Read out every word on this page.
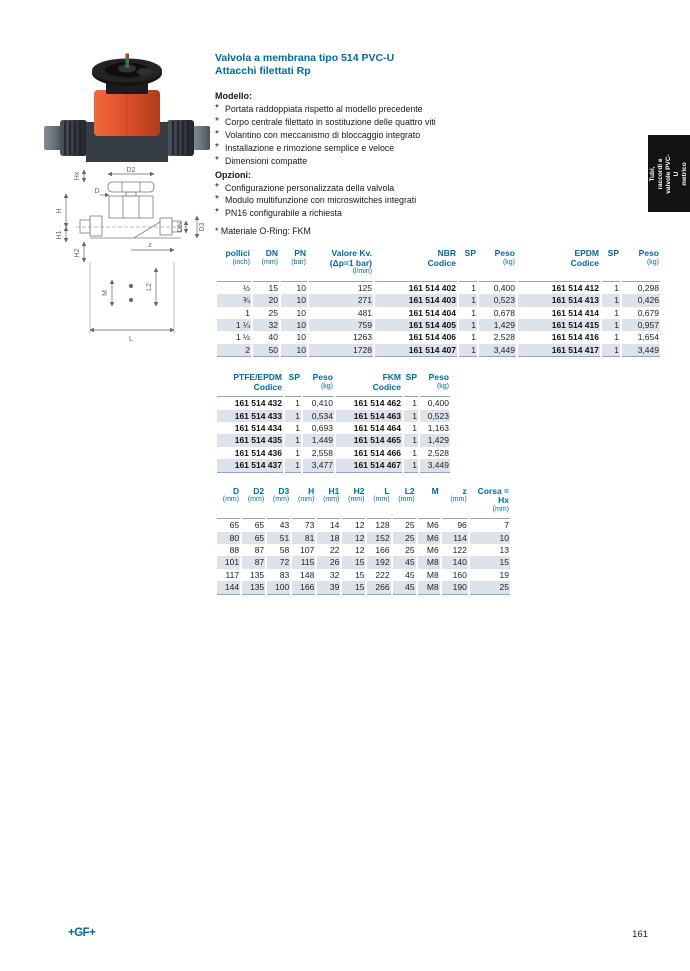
D2
Hx
H
H1
H2
D
DN D3
z
M
L2
L
Valvola a membrana tipo 514 PVC-U
Attacchi filettati Rp
Modello:
* Portata raddoppiata rispetto al modello precedente
* Corpo centrale filettato in sostituzione delle quattro viti
* Volantino con meccanismo di bloccaggio integrato
* Installazione e rimozione semplice e veloce
* Dimensioni compatte
Opzioni:
* Configurazione personalizzata della valvola
* Modulo multifunzione con microswitches integrati
* PN16 configurabile a richiesta
* Materiale O-Ring: FKM
pollici
(inch)

DN
(mm)

PN
(bar)

Valore Kv.
(Δp=1 bar)
(l/min)

NBR
Codice

SP	Peso
(kg)

EPDM
Codice

SP	Peso
(kg)

½	15	10	125	161 514 402	1	0,400	161 514 412	1	0,298
¾	20	10	271	161 514 403	1	0,523	161 514 413	1	0,426
1	25	10	481	161 514 404	1	0,678	161 514 414	1	0,679
1 ¼	32	10	759	161 514 405	1	1,429	161 514 415	1	0,957
1 ½	40	10	1263	161 514 406	1	2,528	161 514 416	1	1,654
2	50	10	1728	161 514 407	1	3,449	161 514 417	1	3,449
PTFE/EPDM
Codice

SP	Peso
(kg)

FKM
Codice

SP	Peso
(kg)

161 514 432	1	0,410	161 514 462	1	0,400
161 514 433	1	0,534	161 514 463	1	0,523
161 514 434	1	0,693	161 514 464	1	1,163
161 514 435	1	1,449	161 514 465	1	1,429
161 514 436	1	2,558	161 514 466	1	2,528
161 514 437	1	3,477	161 514 467	1	3,449
D
(mm)

D2
(mm)

D3
(mm)

H
(mm)

H1
(mm)

H2
(mm)

L
(mm)

L2
(mm)

M	z
(mm)

Corsa =
Hx
(mm)

65	65	43	73	14	12	128	25	M6	96	7
80	65	51	81	18	12	152	25	M6	114	10
88	87	58	107	22	12	166	25	M6	122	13
101	87	72	115	26	15	192	45	M8	140	15
117	135	83	148	32	15	222	45	M8	160	19
144	135	100	166	39	15	266	45	M8	190	25
Tubi, raccordi e valvole PVC-U metrico
+GF+	161
